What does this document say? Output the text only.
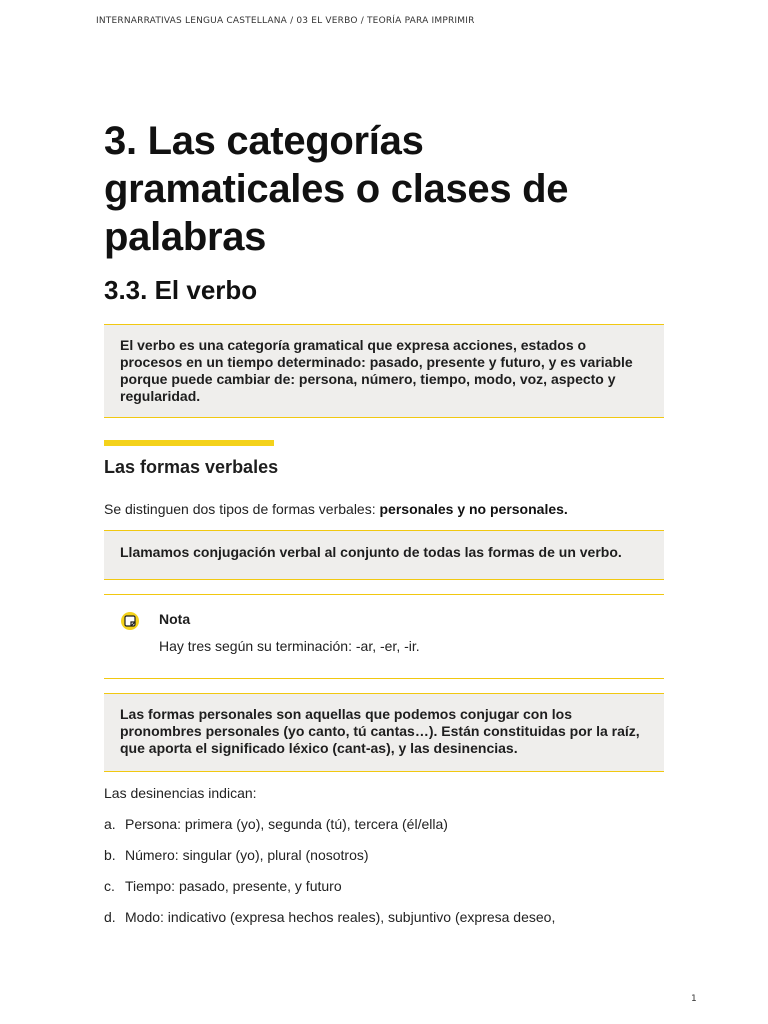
INTERNARRATIVAS LENGUA CASTELLANA / 03 EL VERBO / TEORÍA PARA IMPRIMIR
3. Las categorías gramaticales o clases de palabras
3.3. El verbo
El verbo es una categoría gramatical que expresa acciones, estados o procesos en un tiempo determinado: pasado, presente y futuro, y es variable porque puede cambiar de: persona, número, tiempo, modo, voz, aspecto y regularidad.
Las formas verbales

Se distinguen dos tipos de formas verbales: personales y no personales.

Llamamos conjugación verbal al conjunto de todas las formas de un verbo.
Nota
Hay tres según su terminación: -ar, -er, -ir.
Las formas personales son aquellas que podemos conjugar con los pronombres personales (yo canto, tú cantas…). Están constituidas por la raíz, que aporta el significado léxico (cant-as), y las desinencias.

Las desinencias indican:

a. Persona: primera (yo), segunda (tú), tercera (él/ella)
b. Número: singular (yo), plural (nosotros)
c. Tiempo: pasado, presente, y futuro
d. Modo: indicativo (expresa hechos reales), subjuntivo (expresa deseo,
1
